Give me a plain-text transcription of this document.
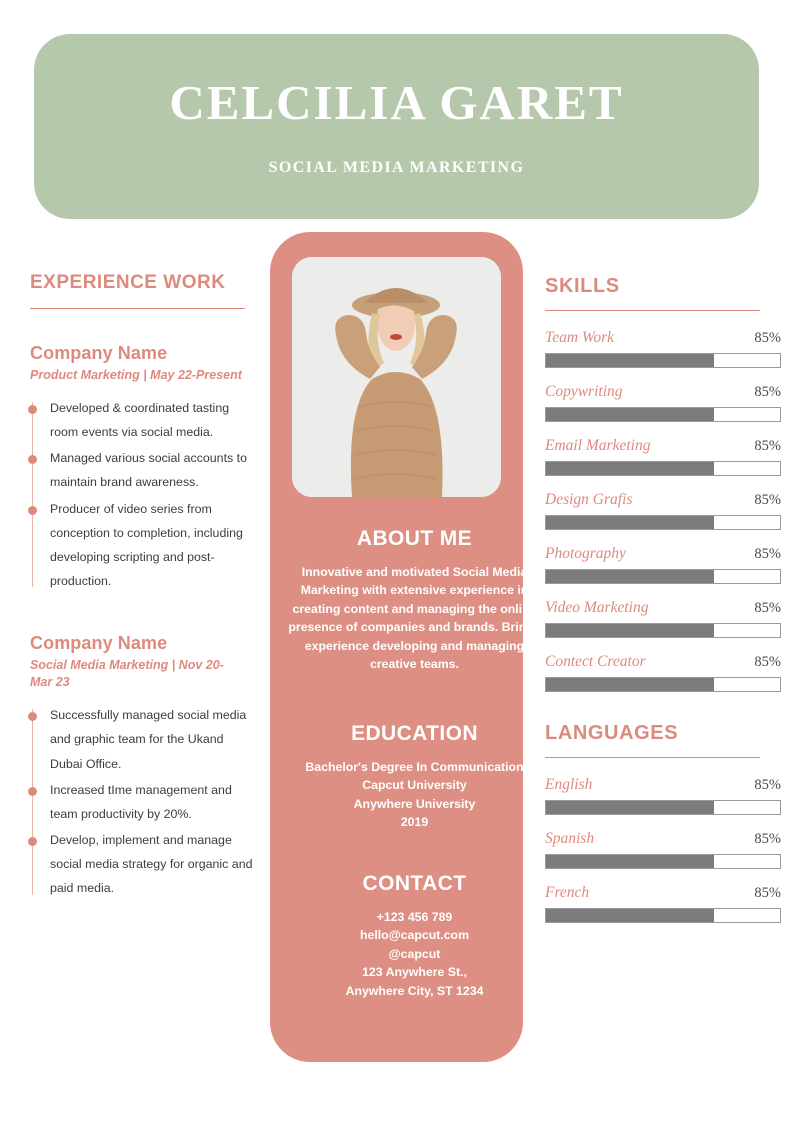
CELCILIA GARET
SOCIAL MEDIA MARKETING
EXPERIENCE WORK
Company Name
Product Marketing | May 22-Present
Developed & coordinated tasting room events via social media.
Managed various social accounts to maintain brand awareness.
Producer of video series from conception to completion, including developing scripting and post-production.
Company Name
Social Media Marketing | Nov 20-Mar 23
Successfully managed social media and graphic team for the Ukand Dubai Office.
Increased tIme management and team productivity by 20%.
Develop, implement and manage social media strategy for organic and paid media.
ABOUT ME

Innovative and motivated Social Media Marketing with extensive experience in creating content and managing the online presence of companies and brands. Brings experience developing and managing creative teams.

EDUCATION

Bachelor's Degree In Communication

Capcut University

Anywhere University

2019

CONTACT

+123 456 789

hello@capcut.com

@capcut

123 Anywhere St.,

Anywhere City, ST 1234

SKILLS
Team Work	85%
Copywriting	85%
Email Marketing	85%
Design Grafis	85%
Photography	85%
Video Marketing	85%
Contect Creator	85%
LANGUAGES
English	85%
Spanish	85%
French	85%
